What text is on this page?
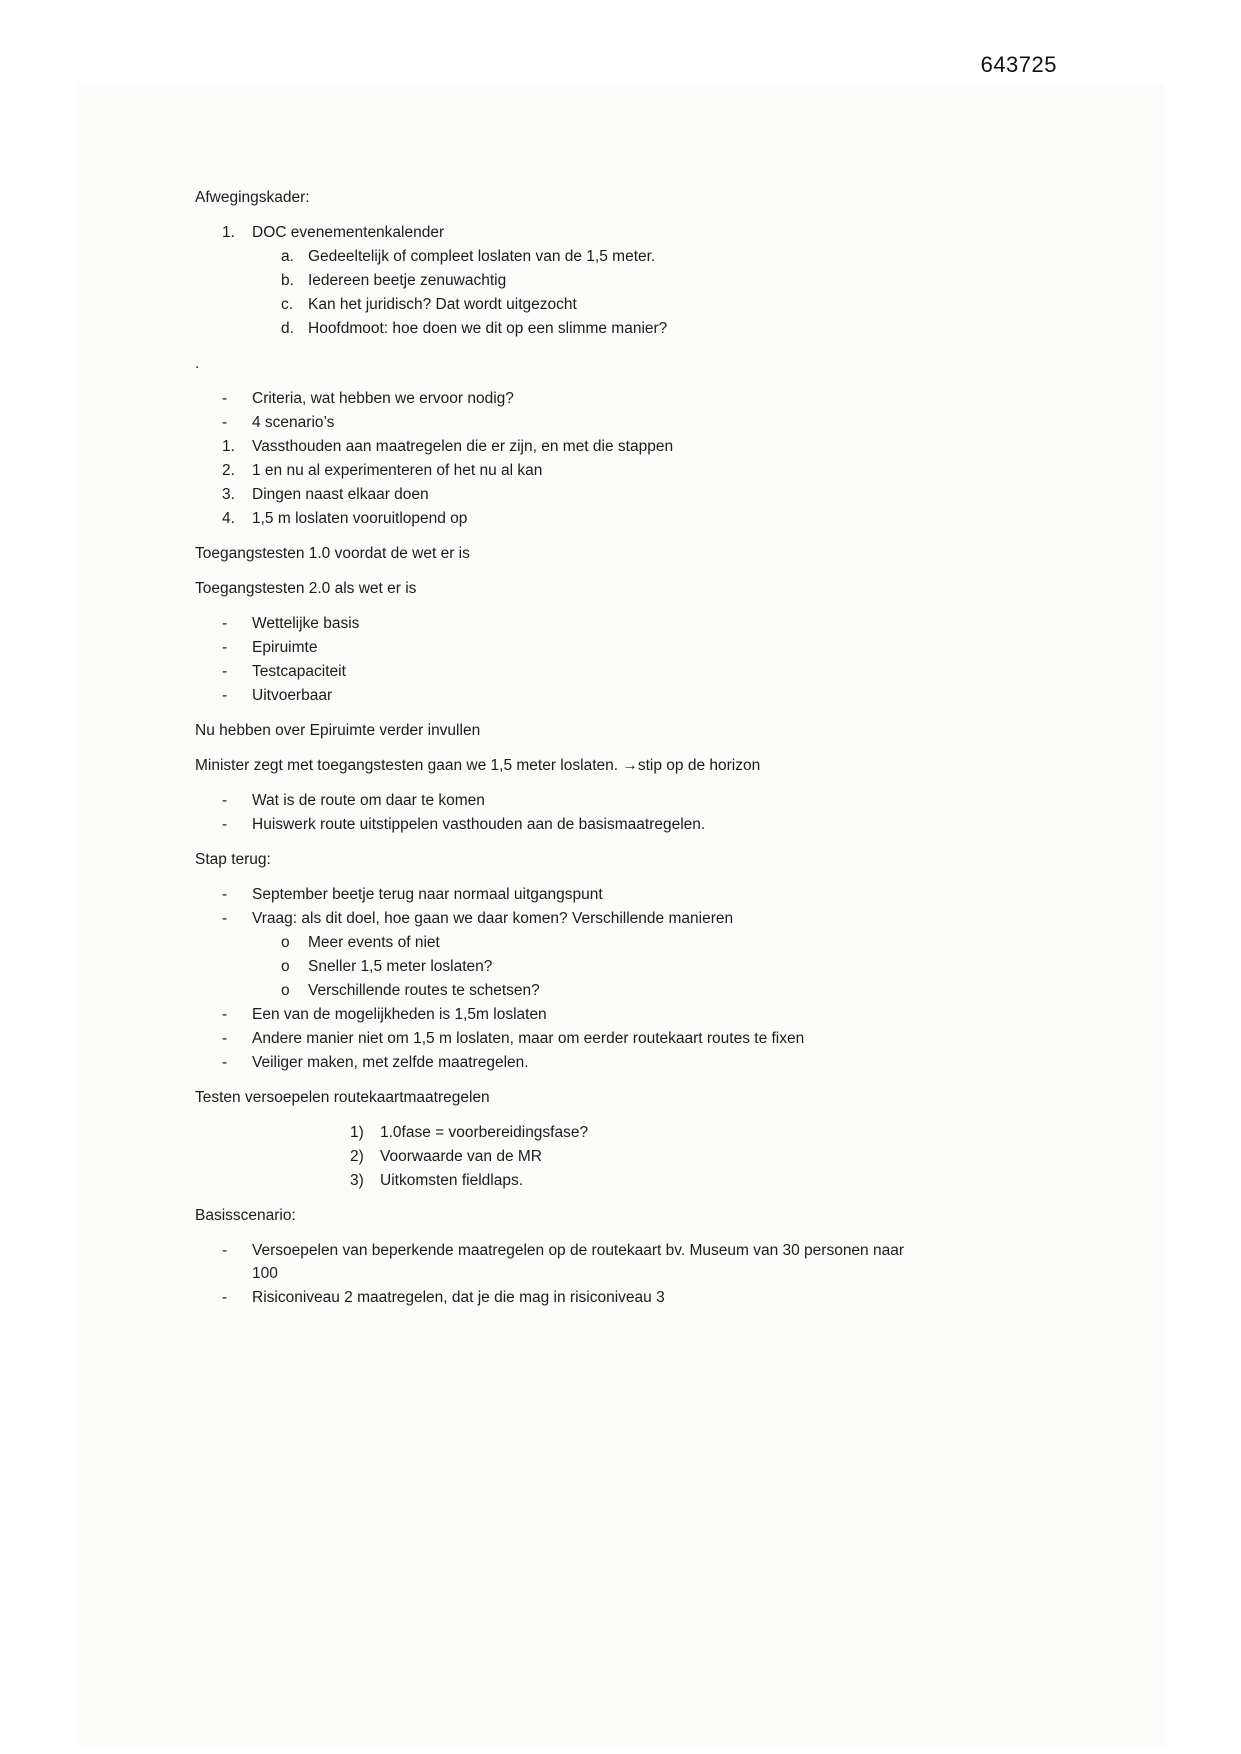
643725

Afwegingskader:

1. DOC evenementenkalender
a. Gedeeltelijk of compleet loslaten van de 1,5 meter.
b. Iedereen beetje zenuwachtig
c. Kan het juridisch? Dat wordt uitgezocht
d. Hoofdmoot: hoe doen we dit op een slimme manier?

.

- Criteria, wat hebben we ervoor nodig?
- 4 scenario’s
1. Vassthouden aan maatregelen die er zijn, en met die stappen
2. 1 en nu al experimenteren of het nu al kan
3. Dingen naast elkaar doen
4. 1,5 m loslaten vooruitlopend op

Toegangstesten 1.0 voordat de wet er is

Toegangstesten 2.0 als wet er is

- Wettelijke basis
- Epiruimte
- Testcapaciteit
- Uitvoerbaar

Nu hebben over Epiruimte verder invullen

Minister zegt met toegangstesten gaan we 1,5 meter loslaten. →stip op de horizon

- Wat is de route om daar te komen
- Huiswerk route uitstippelen vasthouden aan de basismaatregelen.

Stap terug:

- September beetje terug naar normaal uitgangspunt
- Vraag: als dit doel, hoe gaan we daar komen? Verschillende manieren
o Meer events of niet
o Sneller 1,5 meter loslaten?
o Verschillende routes te schetsen?
- Een van de mogelijkheden is 1,5m loslaten
- Andere manier niet om 1,5 m loslaten, maar om eerder routekaart routes te fixen
- Veiliger maken, met zelfde maatregelen.

Testen versoepelen routekaartmaatregelen

1) 1.0fase = voorbereidingsfase?
2) Voorwaarde van de MR
3) Uitkomsten fieldlaps.

Basisscenario:

- Versoepelen van beperkende maatregelen op de routekaart bv. Museum van 30 personen naar 100
- Risiconiveau 2 maatregelen, dat je die mag in risiconiveau 3
